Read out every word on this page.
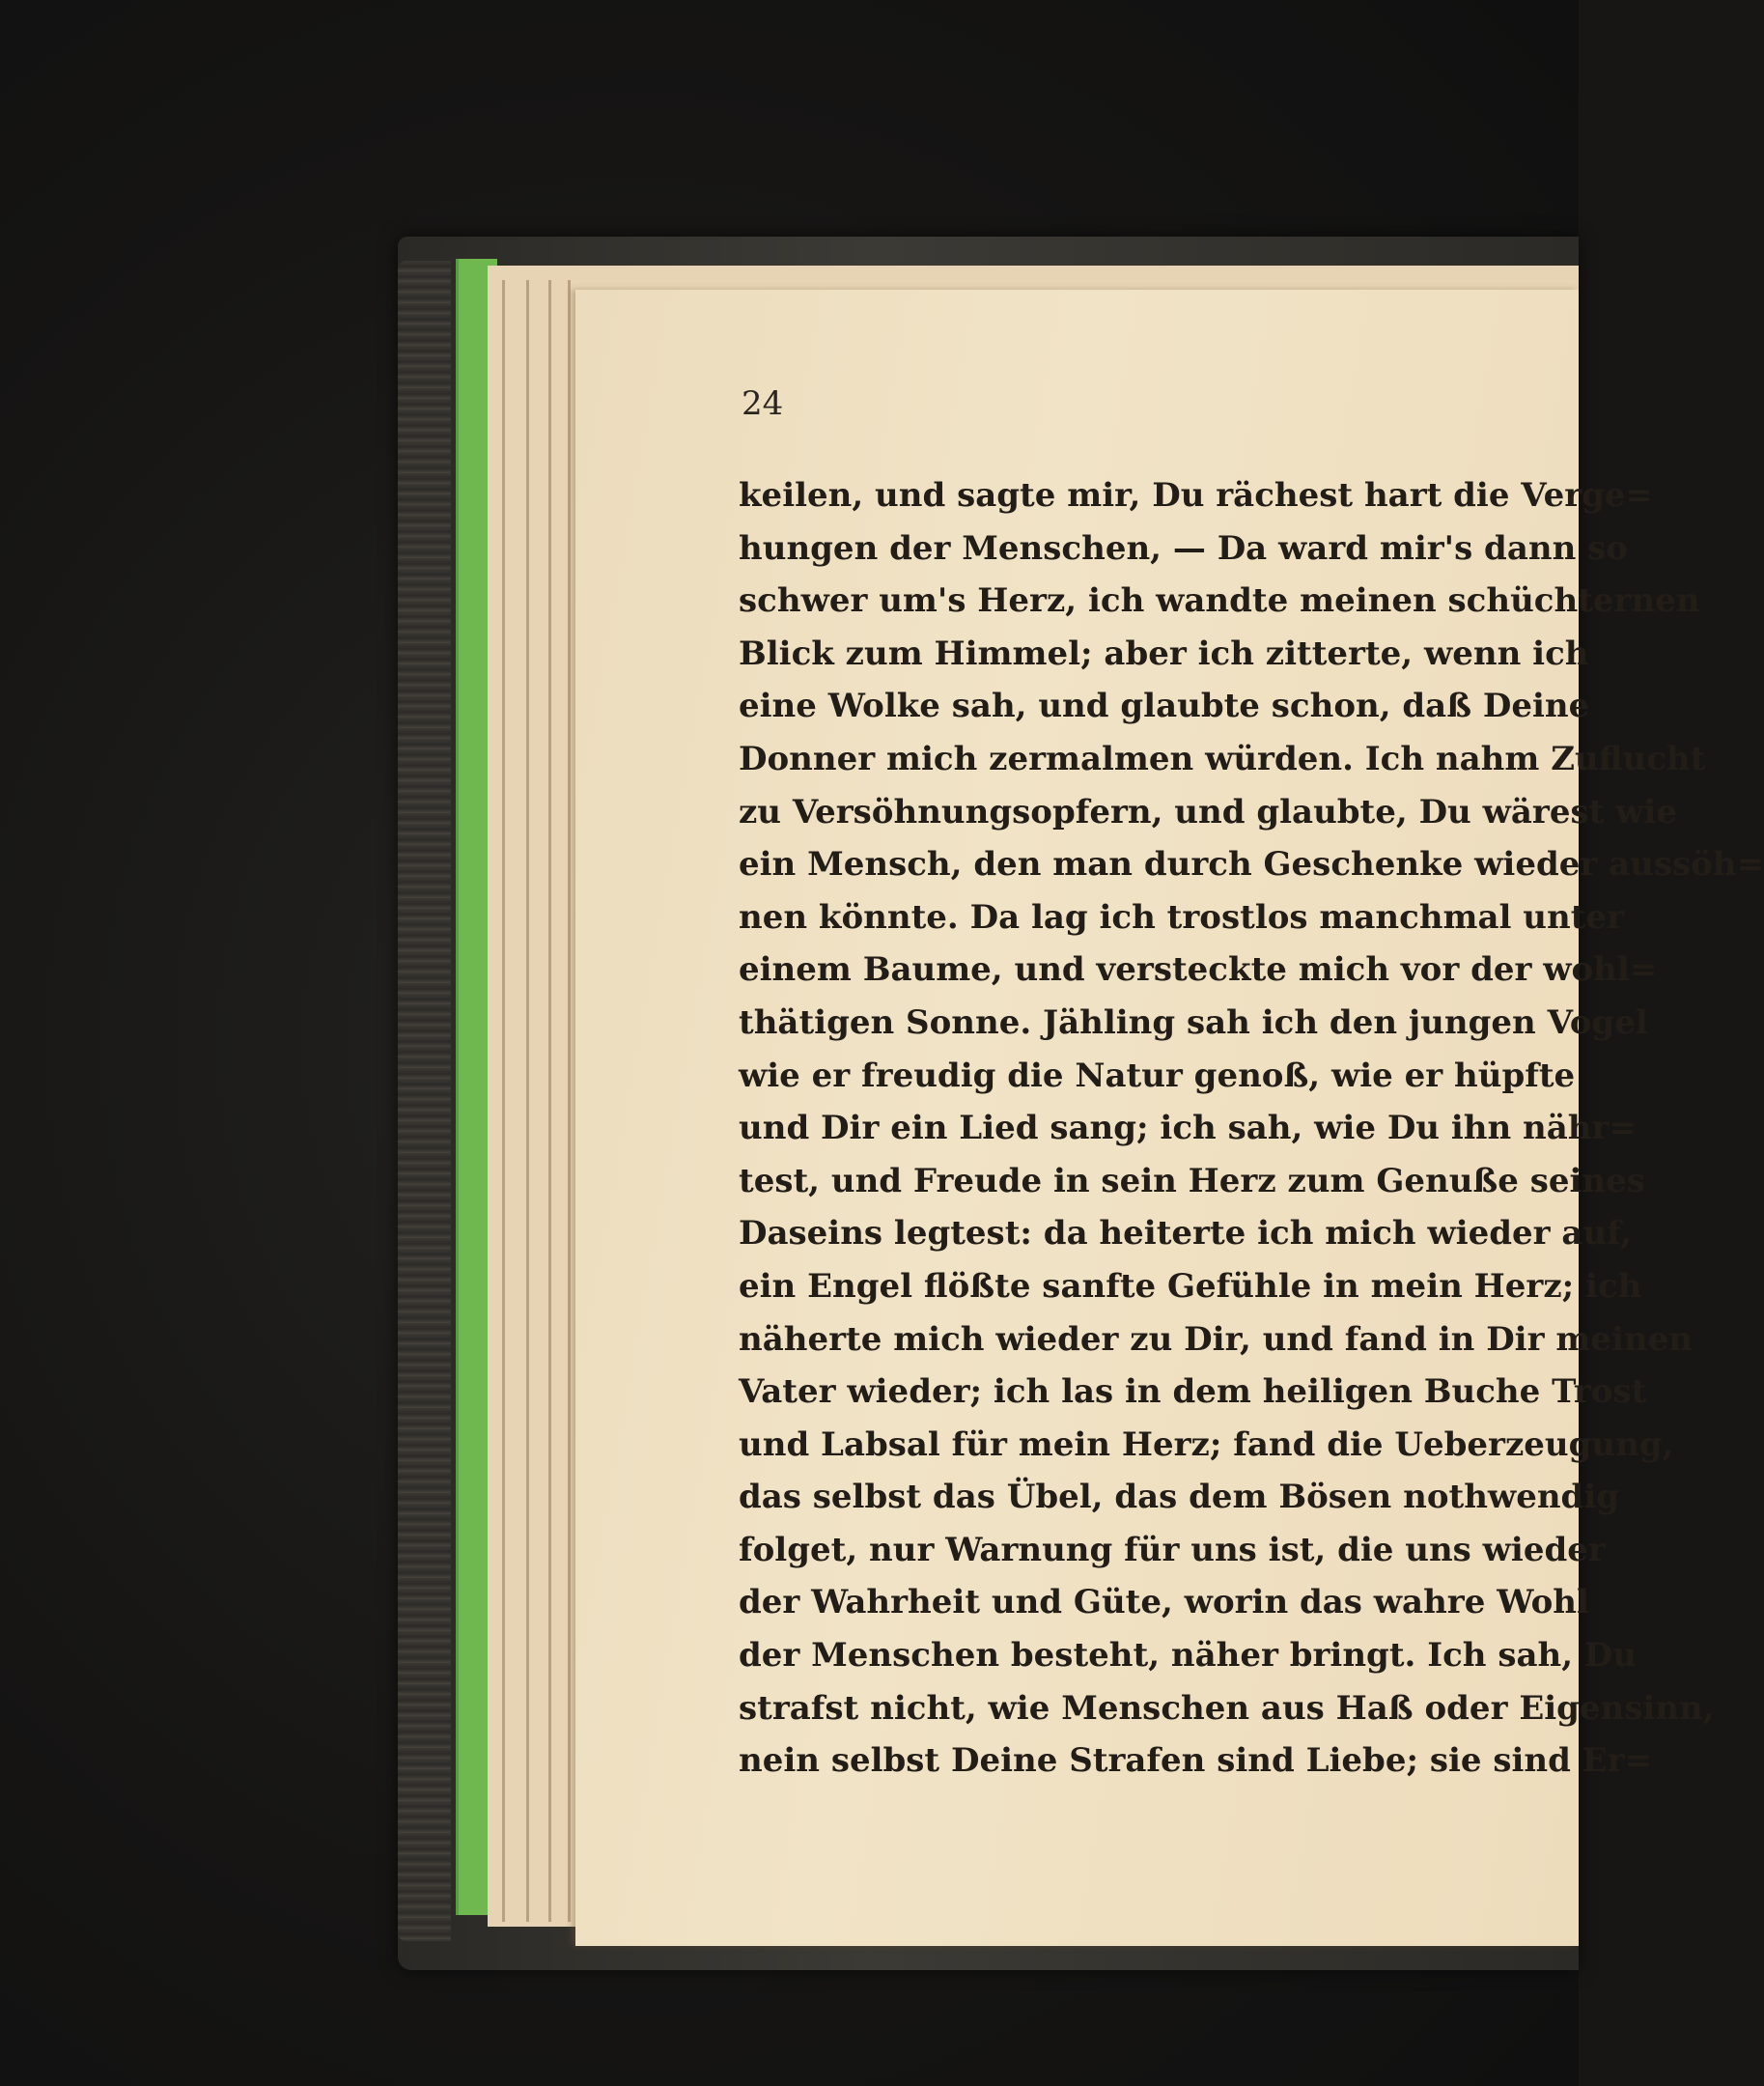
24
keilen, und sagte mir, Du rächest hart die Verge=
hungen der Menschen, — Da ward mir's dann so
schwer um's Herz, ich wandte meinen schüchternen
Blick zum Himmel; aber ich zitterte, wenn ich
eine Wolke sah, und glaubte schon, daß Deine
Donner mich zermalmen würden. Ich nahm Zuflucht
zu Versöhnungsopfern, und glaubte, Du wärest wie
ein Mensch, den man durch Geschenke wieder aussöh=
nen könnte. Da lag ich trostlos manchmal unter
einem Baume, und versteckte mich vor der wohl=
thätigen Sonne. Jähling sah ich den jungen Vogel
wie er freudig die Natur genoß, wie er hüpfte
und Dir ein Lied sang; ich sah, wie Du ihn nähr=
test, und Freude in sein Herz zum Genuße seines
Daseins legtest: da heiterte ich mich wieder auf,
ein Engel flößte sanfte Gefühle in mein Herz; ich
näherte mich wieder zu Dir, und fand in Dir meinen
Vater wieder; ich las in dem heiligen Buche Trost
und Labsal für mein Herz; fand die Ueberzeugung,
das selbst das Übel, das dem Bösen nothwendig
folget, nur Warnung für uns ist, die uns wieder
der Wahrheit und Güte, worin das wahre Wohl
der Menschen besteht, näher bringt. Ich sah, Du
strafst nicht, wie Menschen aus Haß oder Eigensinn,
nein selbst Deine Strafen sind Liebe; sie sind Er=
